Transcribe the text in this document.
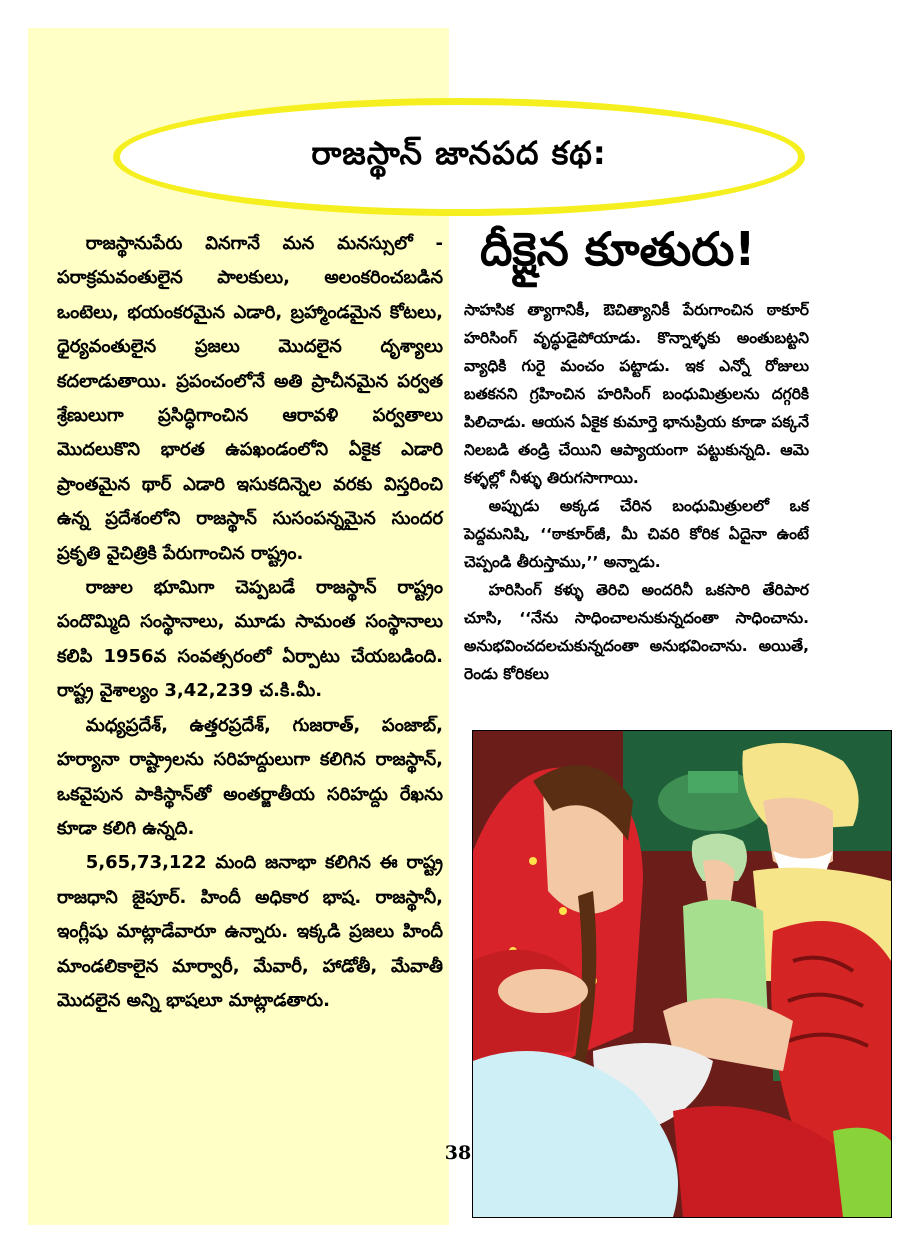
రాజస్థాన్ జానపద కథ:

రాజస్థానుపేరు వినగానే మన మనస్సులో - పరాక్రమవంతులైన పాలకులు, అలంకరించబడిన ఒంటెలు, భయంకరమైన ఎడారి, బ్రహ్మాండమైన కోటలు, ధైర్యవంతులైన ప్రజలు మొదలైన దృశ్యాలు కదలాడుతాయి. ప్రపంచంలోనే అతి ప్రాచీనమైన పర్వత శ్రేణులుగా ప్రసిద్ధిగాంచిన ఆరావళి పర్వతాలు మొదలుకొని భారత ఉపఖండంలోని ఏకైక ఎడారి ప్రాంతమైన థార్ ఎడారి ఇసుకదిన్నెల వరకు విస్తరించి ఉన్న ప్రదేశంలోని రాజస్థాన్ సుసంపన్నమైన సుందర ప్రకృతి వైచిత్రికి పేరుగాంచిన రాష్ట్రం.

రాజుల భూమిగా చెప్పబడే రాజస్థాన్ రాష్ట్రం పందొమ్మిది సంస్థానాలు, మూడు సామంత సంస్థానాలు కలిపి 1956వ సంవత్సరంలో ఏర్పాటు చేయబడింది. రాష్ట్ర వైశాల్యం 3,42,239 చ.కి.మీ.

మధ్యప్రదేశ్, ఉత్తరప్రదేశ్, గుజరాత్, పంజాబ్, హర్యానా రాష్ట్రాలను సరిహద్దులుగా కలిగిన రాజస్థాన్, ఒకవైపున పాకిస్థాన్‌తో అంతర్జాతీయ సరిహద్దు రేఖను కూడా కలిగి ఉన్నది.

5,65,73,122 మంది జనాభా కలిగిన ఈ రాష్ట్ర రాజధాని జైపూర్. హిందీ అధికార భాష. రాజస్థానీ, ఇంగ్లీషు మాట్లాడేవారూ ఉన్నారు. ఇక్కడి ప్రజలు హిందీ మాండలికాలైన మార్వారీ, మేవారీ, హాడోతీ, మేవాతీ మొదలైన అన్ని భాషలూ మాట్లాడతారు.

దీక్షైన కూతురు!

సాహసిక త్యాగానికీ, ఔచిత్యానికీ పేరుగాంచిన ఠాకూర్ హరిసింగ్ వృద్ధుడైపోయాడు. కొన్నాళ్ళకు అంతుబట్టని వ్యాధికి గురై మంచం పట్టాడు. ఇక ఎన్నో రోజులు బతకనని గ్రహించిన హరిసింగ్ బంధుమిత్రులను దగ్గరికి పిలిచాడు. ఆయన ఏకైక కుమార్తె భానుప్రియ కూడా పక్కనే నిలబడి తండ్రి చేయిని ఆప్యాయంగా పట్టుకున్నది. ఆమె కళ్ళల్లో నీళ్ళు తిరుగసాగాయి.

అప్పుడు అక్కడ చేరిన బంధుమిత్రులలో ఒక పెద్దమనిషి, ‘‘ఠాకూర్‌జీ, మీ చివరి కోరిక ఏదైనా ఉంటే చెప్పండి తీరుస్తాము,’’ అన్నాడు.

హరిసింగ్ కళ్ళు తెరిచి అందరినీ ఒకసారి తేరిపార చూసి, ‘‘నేను సాధించాలనుకున్నదంతా సాధించాను. అనుభవించదలచుకున్నదంతా అనుభవించాను. అయితే, రెండు కోరికలు

38
